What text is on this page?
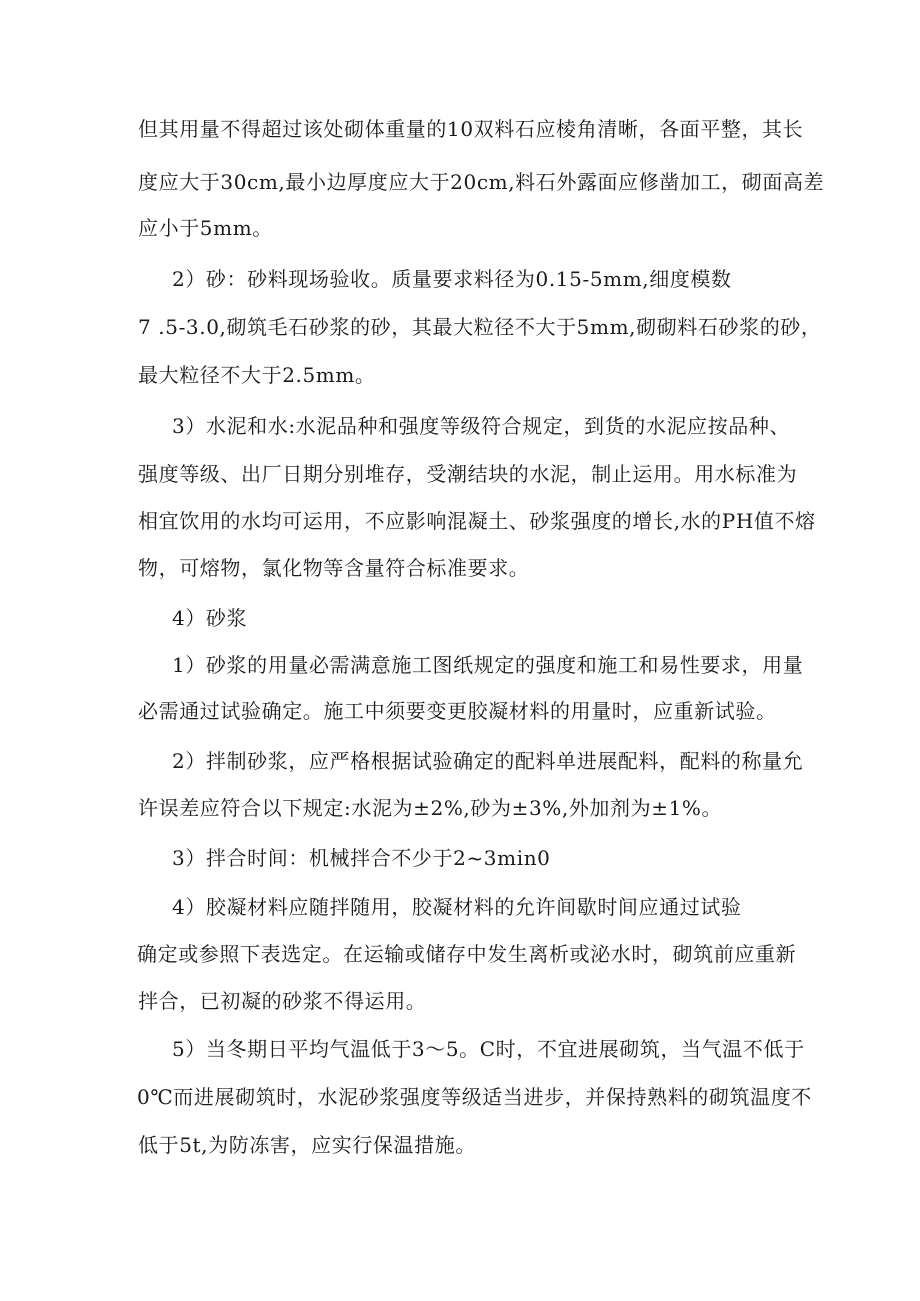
但其用量不得超过该处砌体重量的10双料石应棱角清晰，各面平整，其长
度应大于30cm,最小边厚度应大于20cm,料石外露面应修凿加工，砌面高差
应小于5mm。
2）砂：砂料现场验收。质量要求料径为0.15-5mm,细度模数
7 .5-3.0,砌筑毛石砂浆的砂，其最大粒径不大于5mm,砌砌料石砂浆的砂，
最大粒径不大于2.5mm。
3）水泥和水:水泥品种和强度等级符合规定，到货的水泥应按品种、
强度等级、出厂日期分别堆存，受潮结块的水泥，制止运用。用水标准为
相宜饮用的水均可运用，不应影响混凝土、砂浆强度的增长,水的PH值不熔
物，可熔物，氯化物等含量符合标准要求。
4）砂浆
1）砂浆的用量必需满意施工图纸规定的强度和施工和易性要求，用量
必需通过试验确定。施工中须要变更胶凝材料的用量时，应重新试验。
2）拌制砂浆，应严格根据试验确定的配料单进展配料，配料的称量允
许误差应符合以下规定:水泥为±2%,砂为±3%,外加剂为±1%。
3）拌合时间：机械拌合不少于2~3min0
4）胶凝材料应随拌随用，胶凝材料的允许间歇时间应通过试验
确定或参照下表选定。在运输或储存中发生离析或泌水时，砌筑前应重新
拌合，已初凝的砂浆不得运用。
5）当冬期日平均气温低于3～5。C时，不宜进展砌筑，当气温不低于
0℃而进展砌筑时，水泥砂浆强度等级适当进步，并保持熟料的砌筑温度不
低于5t,为防冻害，应实行保温措施。
